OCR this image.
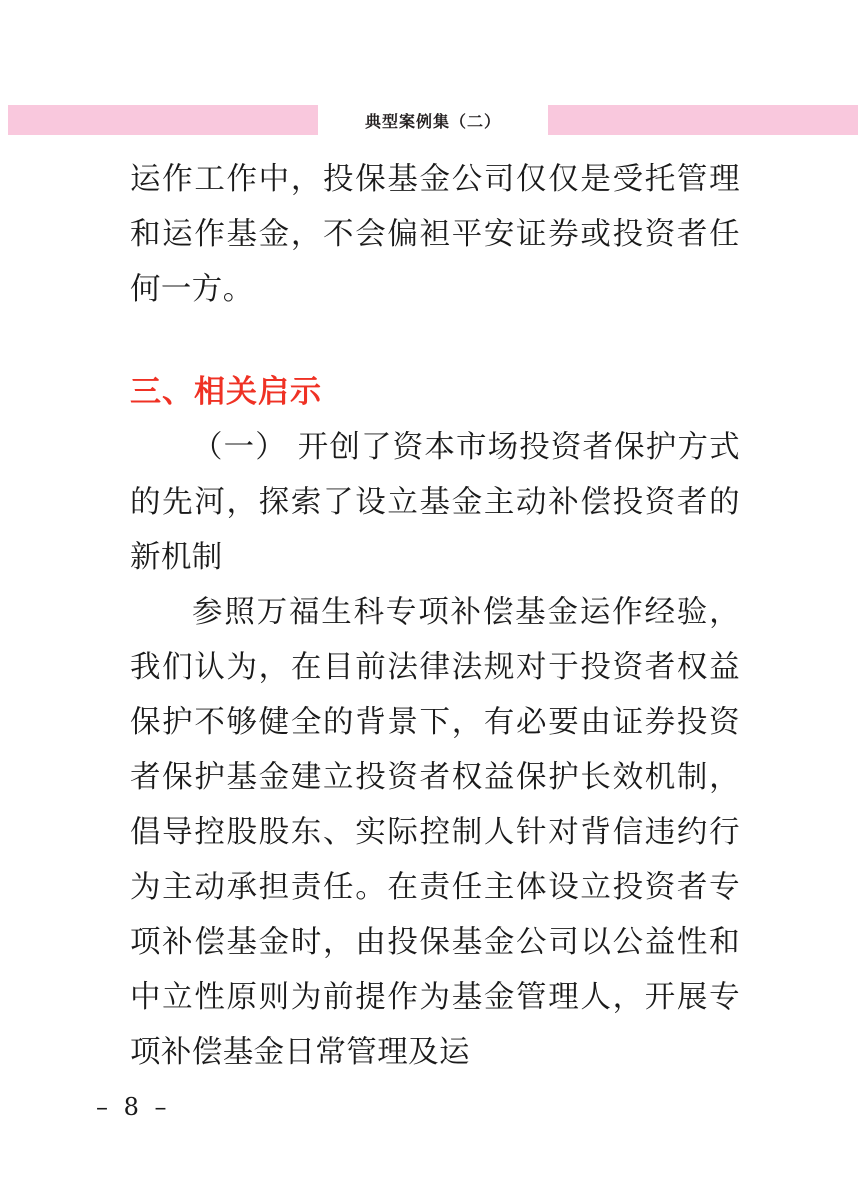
典型案例集（二）

运作工作中，投保基金公司仅仅是受托管理和运作基金，不会偏袒平安证券或投资者任何一方。

三、相关启示

（一） 开创了资本市场投资者保护方式的先河，探索了设立基金主动补偿投资者的新机制

参照万福生科专项补偿基金运作经验，我们认为，在目前法律法规对于投资者权益保护不够健全的背景下，有必要由证券投资者保护基金建立投资者权益保护长效机制，倡导控股股东、实际控制人针对背信违约行为主动承担责任。在责任主体设立投资者专项补偿基金时，由投保基金公司以公益性和中立性原则为前提作为基金管理人，开展专项补偿基金日常管理及运

– 8 –
